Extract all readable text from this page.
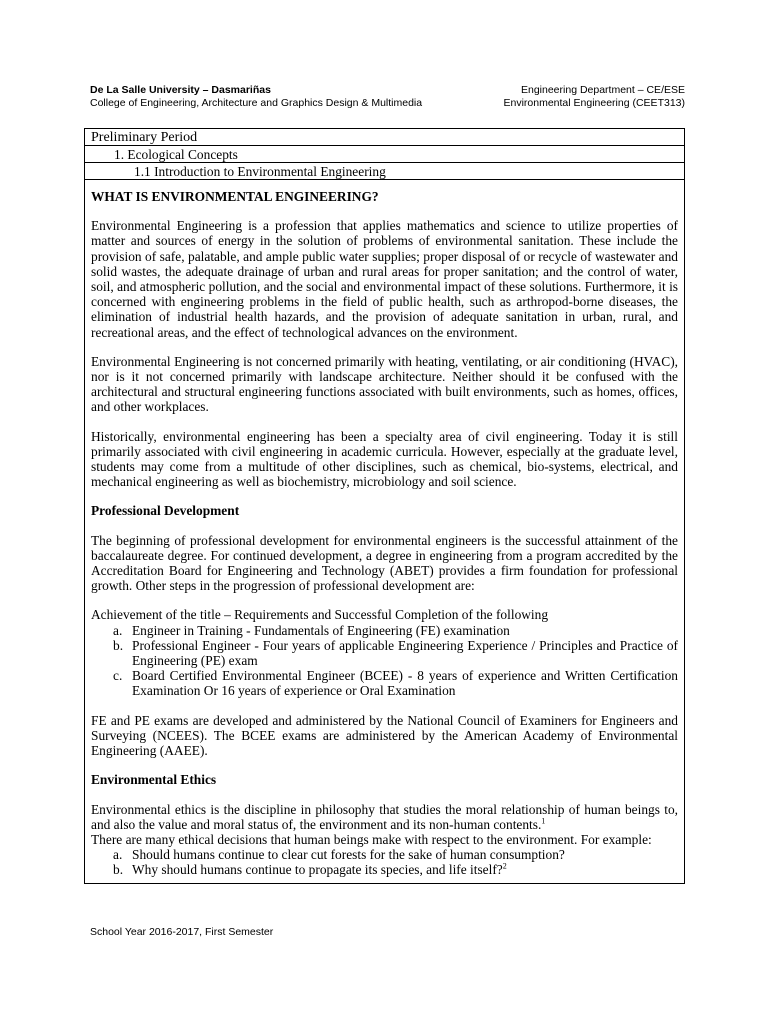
De La Salle University – Dasmariñas
College of Engineering, Architecture and Graphics Design & Multimedia
Engineering Department – CE/ESE
Environmental Engineering (CEET313)
Preliminary Period
1. Ecological Concepts
1.1 Introduction to Environmental Engineering
WHAT IS ENVIRONMENTAL ENGINEERING?

Environmental Engineering is a profession that applies mathematics and science to utilize properties of matter and sources of energy in the solution of problems of environmental sanitation. These include the provision of safe, palatable, and ample public water supplies; proper disposal of or recycle of wastewater and solid wastes, the adequate drainage of urban and rural areas for proper sanitation; and the control of water, soil, and atmospheric pollution, and the social and environmental impact of these solutions. Furthermore, it is concerned with engineering problems in the field of public health, such as arthropod-borne diseases, the elimination of industrial health hazards, and the provision of adequate sanitation in urban, rural, and recreational areas, and the effect of technological advances on the environment.

Environmental Engineering is not concerned primarily with heating, ventilating, or air conditioning (HVAC), nor is it not concerned primarily with landscape architecture. Neither should it be confused with the architectural and structural engineering functions associated with built environments, such as homes, offices, and other workplaces.

Historically, environmental engineering has been a specialty area of civil engineering. Today it is still primarily associated with civil engineering in academic curricula. However, especially at the graduate level, students may come from a multitude of other disciplines, such as chemical, bio-systems, electrical, and mechanical engineering as well as biochemistry, microbiology and soil science.

Professional Development

The beginning of professional development for environmental engineers is the successful attainment of the baccalaureate degree. For continued development, a degree in engineering from a program accredited by the Accreditation Board for Engineering and Technology (ABET) provides a firm foundation for professional growth. Other steps in the progression of professional development are:

Achievement of the title – Requirements and Successful Completion of the following

a. Engineer in Training - Fundamentals of Engineering (FE) examination
b. Professional Engineer - Four years of applicable Engineering Experience / Principles and Practice of Engineering (PE) exam
c. Board Certified Environmental Engineer (BCEE) - 8 years of experience and Written Certification Examination Or 16 years of experience or Oral Examination

FE and PE exams are developed and administered by the National Council of Examiners for Engineers and Surveying (NCEES). The BCEE exams are administered by the American Academy of Environmental Engineering (AAEE).

Environmental Ethics

Environmental ethics is the discipline in philosophy that studies the moral relationship of human beings to, and also the value and moral status of, the environment and its non-human contents.$^1$

There are many ethical decisions that human beings make with respect to the environment. For example:

a. Should humans continue to clear cut forests for the sake of human consumption?
b. Why should humans continue to propagate its species, and life itself?$^2$
School Year 2016-2017, First Semester
